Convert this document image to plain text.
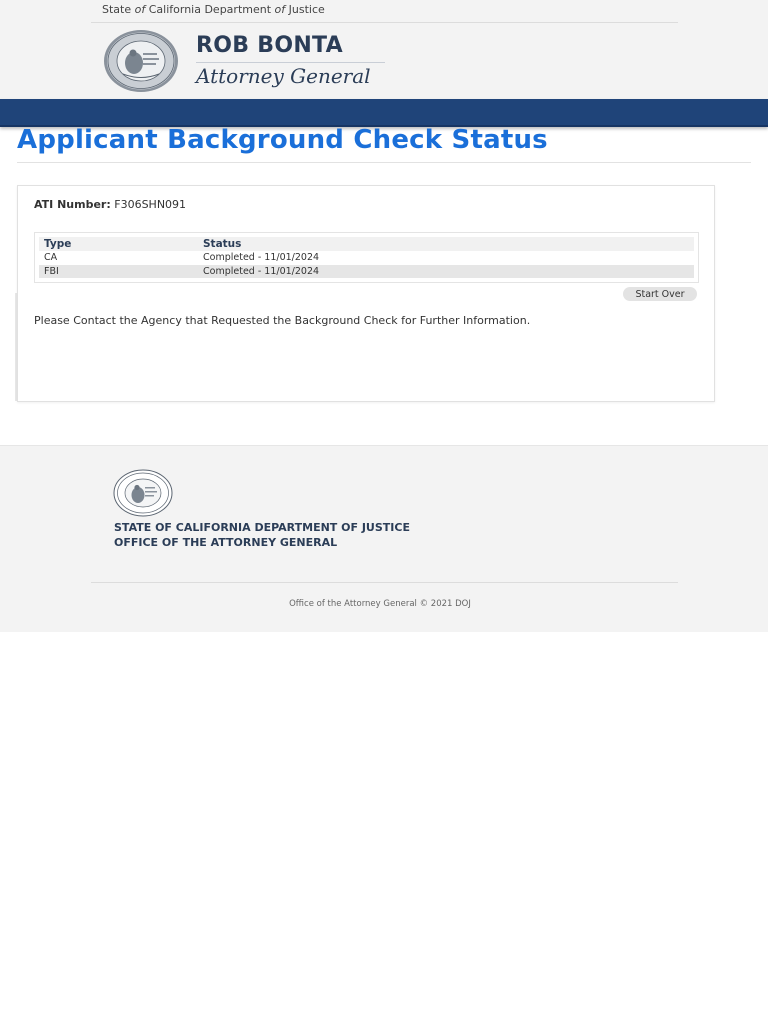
State of California Department of Justice
ROB BONTA
Attorney General
Applicant Background Check Status
ATI Number: F306SHN091
Type	Status
CA	Completed - 11/01/2024
FBI	Completed - 11/01/2024
Start Over
Please Contact the Agency that Requested the Background Check for Further Information.
STATE OF CALIFORNIA DEPARTMENT OF JUSTICE
OFFICE OF THE ATTORNEY GENERAL
Office of the Attorney General © 2021 DOJ
